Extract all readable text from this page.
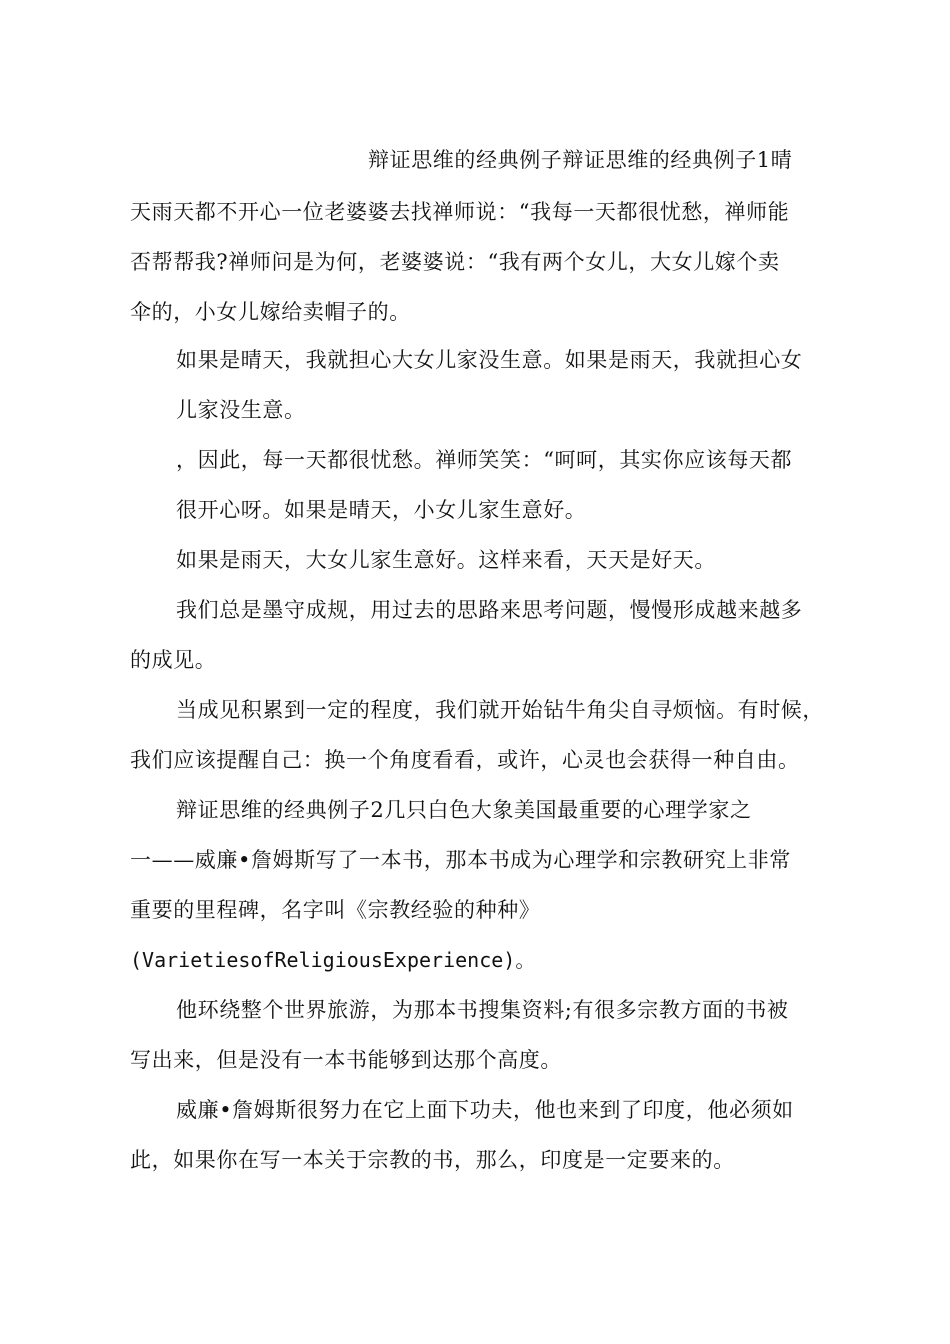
辩证思维的经典例子辩证思维的经典例子1晴
天雨天都不开心一位老婆婆去找禅师说：“我每一天都很忧愁，禅师能
否帮帮我?禅师问是为何，老婆婆说：“我有两个女儿，大女儿嫁个卖
伞的，小女儿嫁给卖帽子的。
如果是晴天，我就担心大女儿家没生意。如果是雨天，我就担心女
儿家没生意。
，因此，每一天都很忧愁。禅师笑笑：“呵呵，其实你应该每天都
很开心呀。如果是晴天，小女儿家生意好。
如果是雨天，大女儿家生意好。这样来看，天天是好天。
我们总是墨守成规，用过去的思路来思考问题，慢慢形成越来越多
的成见。
当成见积累到一定的程度，我们就开始钻牛角尖自寻烦恼。有时候，
我们应该提醒自己：换一个角度看看，或许，心灵也会获得一种自由。
辩证思维的经典例子2几只白色大象美国最重要的心理学家之
一——威廉•詹姆斯写了一本书，那本书成为心理学和宗教研究上非常
重要的里程碑，名字叫《宗教经验的种种》
(VarietiesofReligiousExperience)。
他环绕整个世界旅游，为那本书搜集资料;有很多宗教方面的书被
写出来，但是没有一本书能够到达那个高度。
威廉•詹姆斯很努力在它上面下功夫，他也来到了印度，他必须如
此，如果你在写一本关于宗教的书，那么，印度是一定要来的。
